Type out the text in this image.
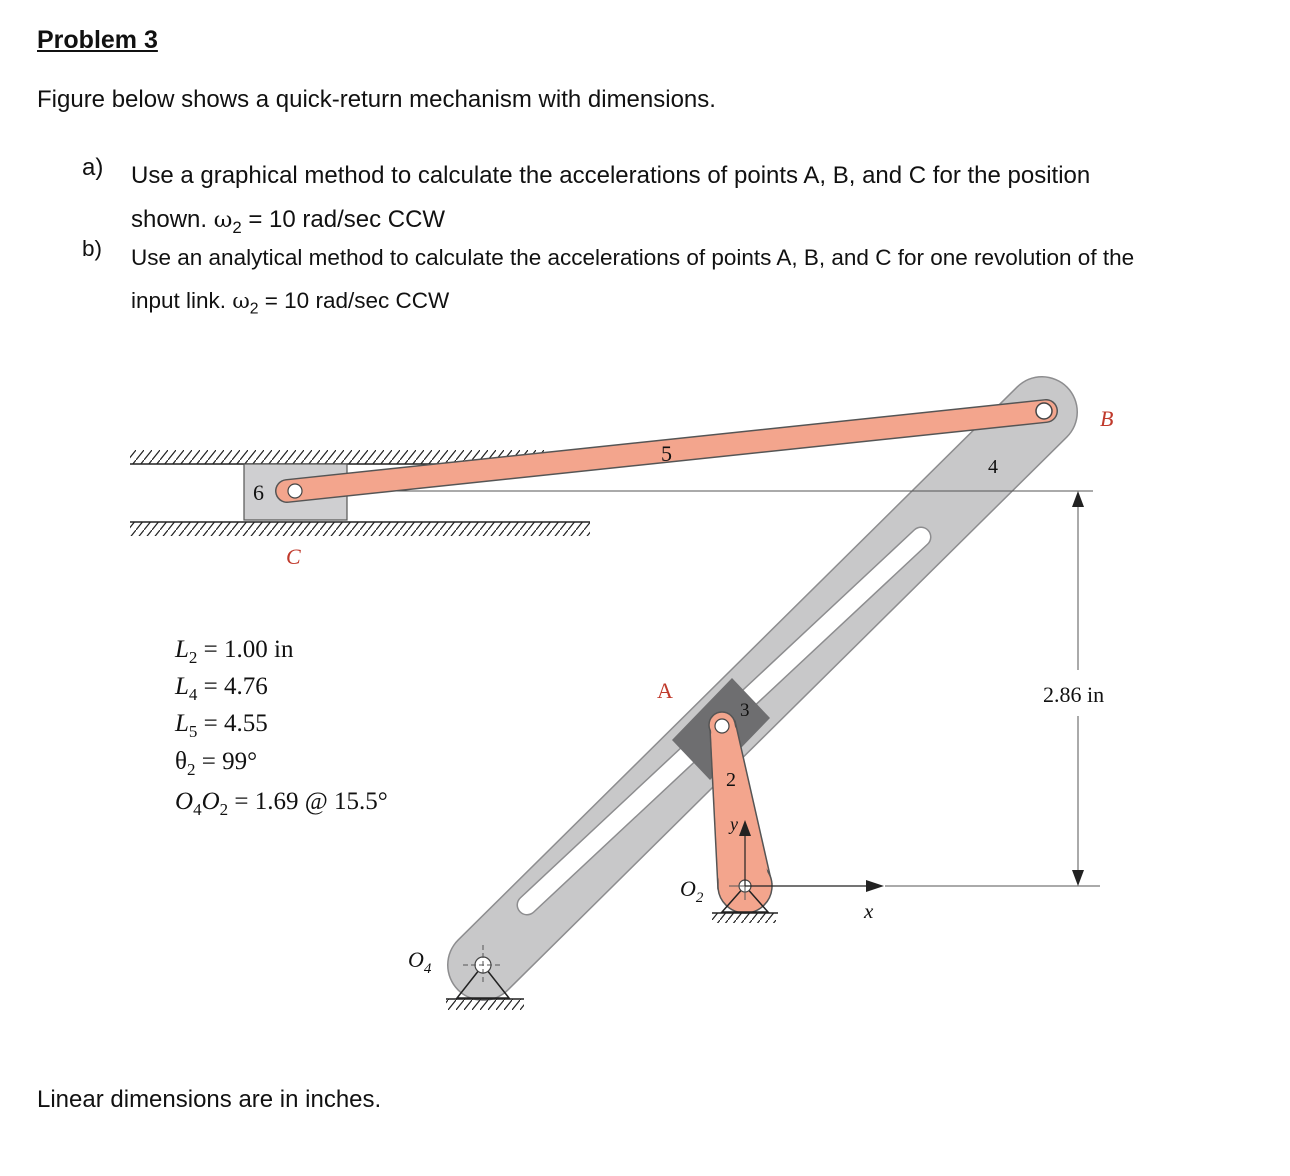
Problem 3

Figure below shows a quick-return mechanism with dimensions.

a) Use a graphical method to calculate the accelerations of points A, B, and C for the position
shown. $\omega_2 = 10$ rad/sec CCW
b) Use an analytical method to calculate the accelerations of points A, B, and C for one revolution of the
input link. $\omega_2 = 10$ rad/sec CCW
6
5
4
3
2
B
C
A
$O_2$
$O_4$
x
y
2.86 in
$L_2 = 1.00$ in
$L_4 = 4.76$
$L_5 = 4.55$
$\theta_2 = 99^\circ$
$O_4O_2 = 1.69$ @ 15.5°

Linear dimensions are in inches.
